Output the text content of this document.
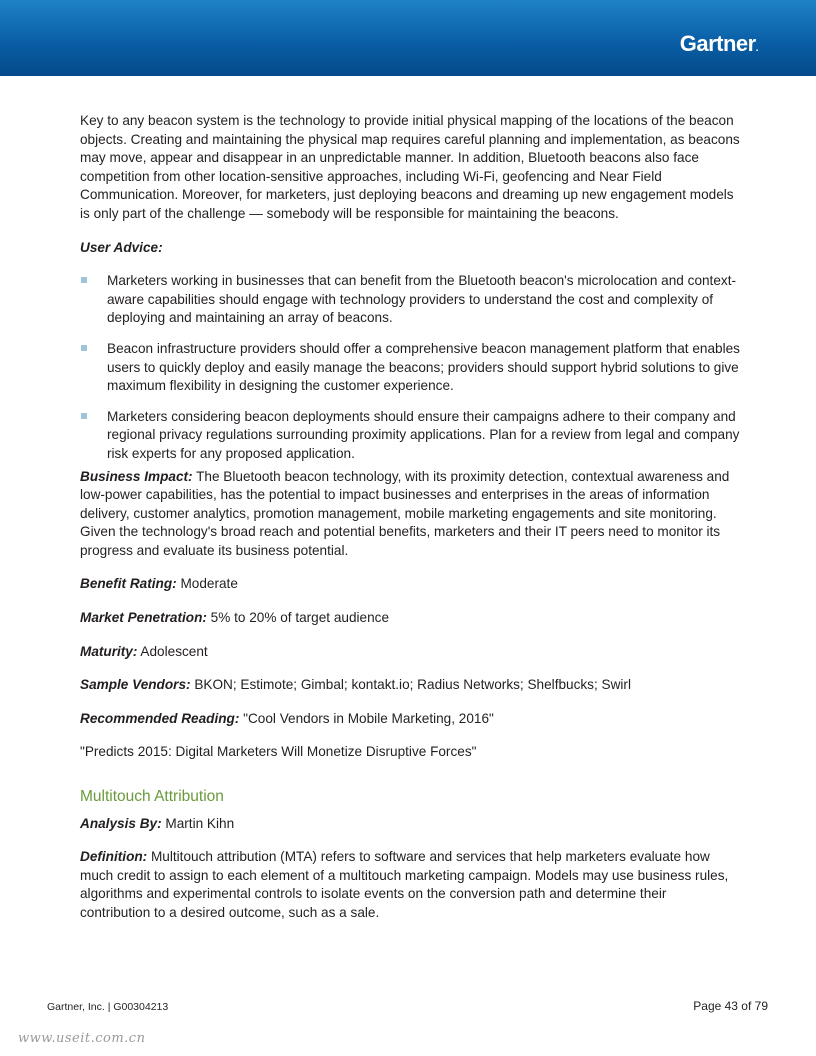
Gartner.

Key to any beacon system is the technology to provide initial physical mapping of the locations of the beacon objects. Creating and maintaining the physical map requires careful planning and implementation, as beacons may move, appear and disappear in an unpredictable manner. In addition, Bluetooth beacons also face competition from other location-sensitive approaches, including Wi-Fi, geofencing and Near Field Communication. Moreover, for marketers, just deploying beacons and dreaming up new engagement models is only part of the challenge — somebody will be responsible for maintaining the beacons.

User Advice:

Marketers working in businesses that can benefit from the Bluetooth beacon's microlocation and context-aware capabilities should engage with technology providers to understand the cost and complexity of deploying and maintaining an array of beacons.
Beacon infrastructure providers should offer a comprehensive beacon management platform that enables users to quickly deploy and easily manage the beacons; providers should support hybrid solutions to give maximum flexibility in designing the customer experience.
Marketers considering beacon deployments should ensure their campaigns adhere to their company and regional privacy regulations surrounding proximity applications. Plan for a review from legal and company risk experts for any proposed application.

Business Impact: The Bluetooth beacon technology, with its proximity detection, contextual awareness and low-power capabilities, has the potential to impact businesses and enterprises in the areas of information delivery, customer analytics, promotion management, mobile marketing engagements and site monitoring. Given the technology's broad reach and potential benefits, marketers and their IT peers need to monitor its progress and evaluate its business potential.

Benefit Rating: Moderate

Market Penetration: 5% to 20% of target audience

Maturity: Adolescent

Sample Vendors: BKON; Estimote; Gimbal; kontakt.io; Radius Networks; Shelfbucks; Swirl

Recommended Reading: "Cool Vendors in Mobile Marketing, 2016"

"Predicts 2015: Digital Marketers Will Monetize Disruptive Forces"

Multitouch Attribution

Analysis By: Martin Kihn

Definition: Multitouch attribution (MTA) refers to software and services that help marketers evaluate how much credit to assign to each element of a multitouch marketing campaign. Models may use business rules, algorithms and experimental controls to isolate events on the conversion path and determine their contribution to a desired outcome, such as a sale.

Gartner, Inc. | G00304213	Page 43 of 79
www.useit.com.cn
